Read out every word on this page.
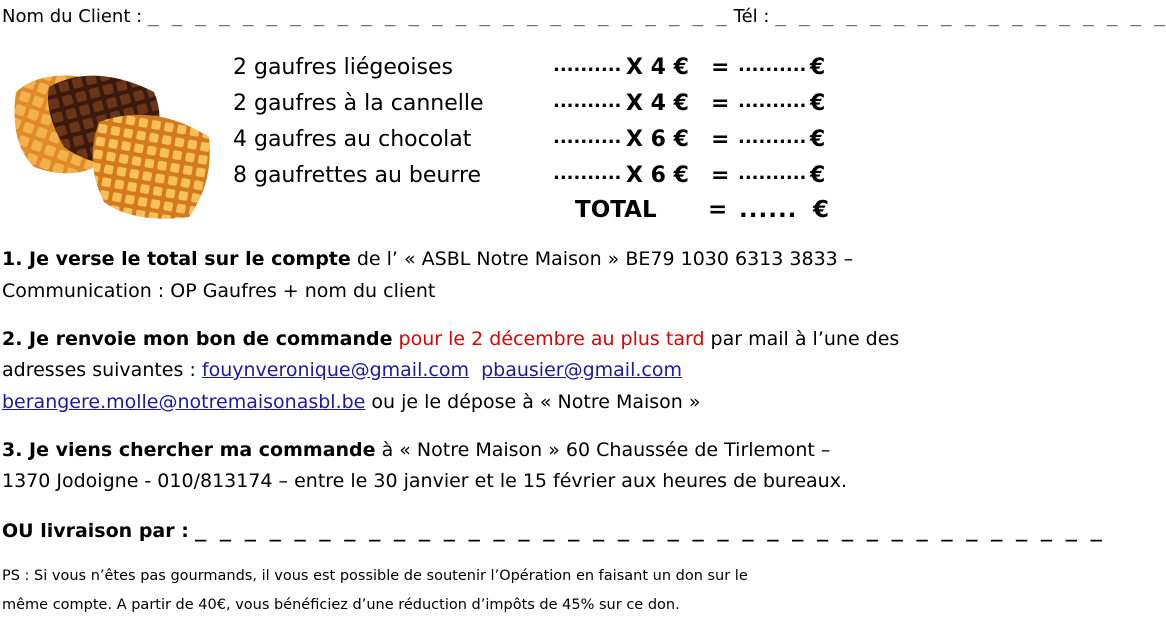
Nom du Client : _ _ _ _ _ _ _ _ _ _ _ _ _ _ _ _ _ _ _ _ _ _ _ _ _ Tél : _ _ _ _ _ _ _ _ _ _ _ _ _ _ _ _ _
2 gaufres liégeoises	.......... X 4 € = .......... €
2 gaufres à la cannelle	.......... X 4 € = .......... €
4 gaufres au chocolat	.......... X 6 € = .......... €
8 gaufrettes au beurre	.......... X 6 € = .......... €
TOTAL = ...... €
1. Je verse le total sur le compte de l’ « ASBL Notre Maison » BE79 1030 6313 3833 –
Communication : OP Gaufres + nom du client
2. Je renvoie mon bon de commande pour le 2 décembre au plus tard par mail à l’une des
adresses suivantes : fouynveronique@gmail.com pbausier@gmail.com
berangere.molle@notremaisonasbl.be ou je le dépose à « Notre Maison »
3. Je viens chercher ma commande à « Notre Maison » 60 Chaussée de Tirlemont –
1370 Jodoigne - 010/813174 – entre le 30 janvier et le 15 février aux heures de bureaux.
OU livraison par : _ _ _ _ _ _ _ _ _ _ _ _ _ _ _ _ _ _ _ _ _ _ _ _ _ _ _ _ _ _ _ _ _ _ _ _ _
PS : Si vous n’êtes pas gourmands, il vous est possible de soutenir l’Opération en faisant un don sur le
même compte. A partir de 40€, vous bénéficiez d’une réduction d’impôts de 45% sur ce don.
